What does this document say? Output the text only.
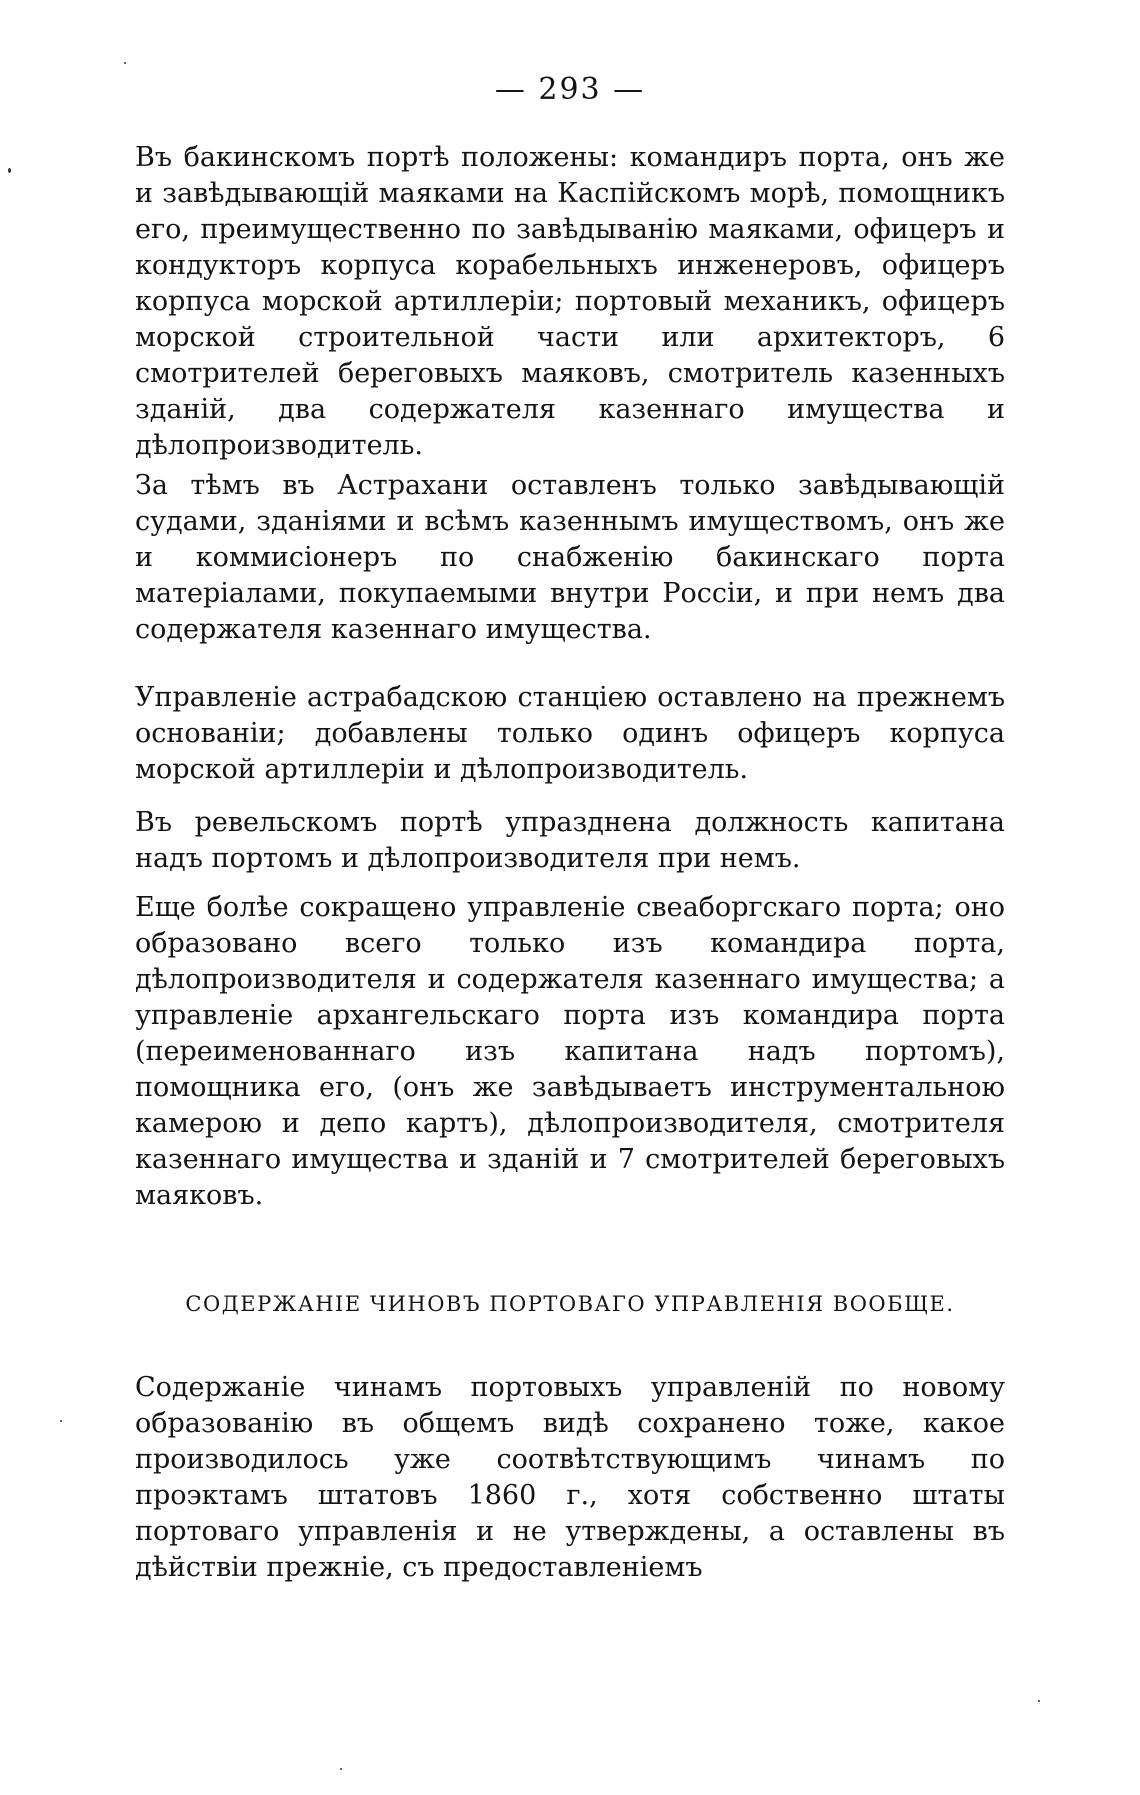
— 293 —

Въ бакинскомъ портѣ положены: командиръ порта, онъ же и завѣдывающій маяками на Каспійскомъ морѣ, помощникъ его, преимущественно по завѣдыванію маяками, офицеръ и кондукторъ корпуса корабельныхъ инженеровъ, офицеръ корпуса морской артиллеріи; портовый механикъ, офицеръ морской строительной части или архитекторъ, 6 смотрителей береговыхъ маяковъ, смотритель казенныхъ зданій, два содержателя казеннаго имущества и дѣлопроизводитель.

За тѣмъ въ Астрахани оставленъ только завѣдывающій судами, зданіями и всѣмъ казеннымъ имуществомъ, онъ же и коммисіонеръ по снабженію бакинскаго порта матеріалами, покупаемыми внутри Россіи, и при немъ два содержателя казеннаго имущества.

Управленіе астрабадскою станціею оставлено на прежнемъ основаніи; добавлены только одинъ офицеръ корпуса морской артиллеріи и дѣлопроизводитель.

Въ ревельскомъ портѣ упразднена должность капитана надъ портомъ и дѣлопроизводителя при немъ.

Еще болѣе сокращено управленіе свеаборгскаго порта; оно образовано всего только изъ командира порта, дѣлопроизводителя и содержателя казеннаго имущества; а управленіе архангельскаго порта изъ командира порта (переименованнаго изъ капитана надъ портомъ), помощника его, (онъ же завѣдываетъ инструментальною камерою и депо картъ), дѣлопроизводителя, смотрителя казеннаго имущества и зданій и 7 смотрителей береговыхъ маяковъ.

СОДЕРЖАНІЕ ЧИНОВЪ ПОРТОВАГО УПРАВЛЕНІЯ ВООБЩЕ.

Содержаніе чинамъ портовыхъ управленій по новому образованію въ общемъ видѣ сохранено тоже, какое производилось уже соотвѣтствующимъ чинамъ по проэктамъ штатовъ 1860 г., хотя собственно штаты портоваго управленія и не утверждены, а оставлены въ дѣйствіи прежніе, съ предоставленіемъ
